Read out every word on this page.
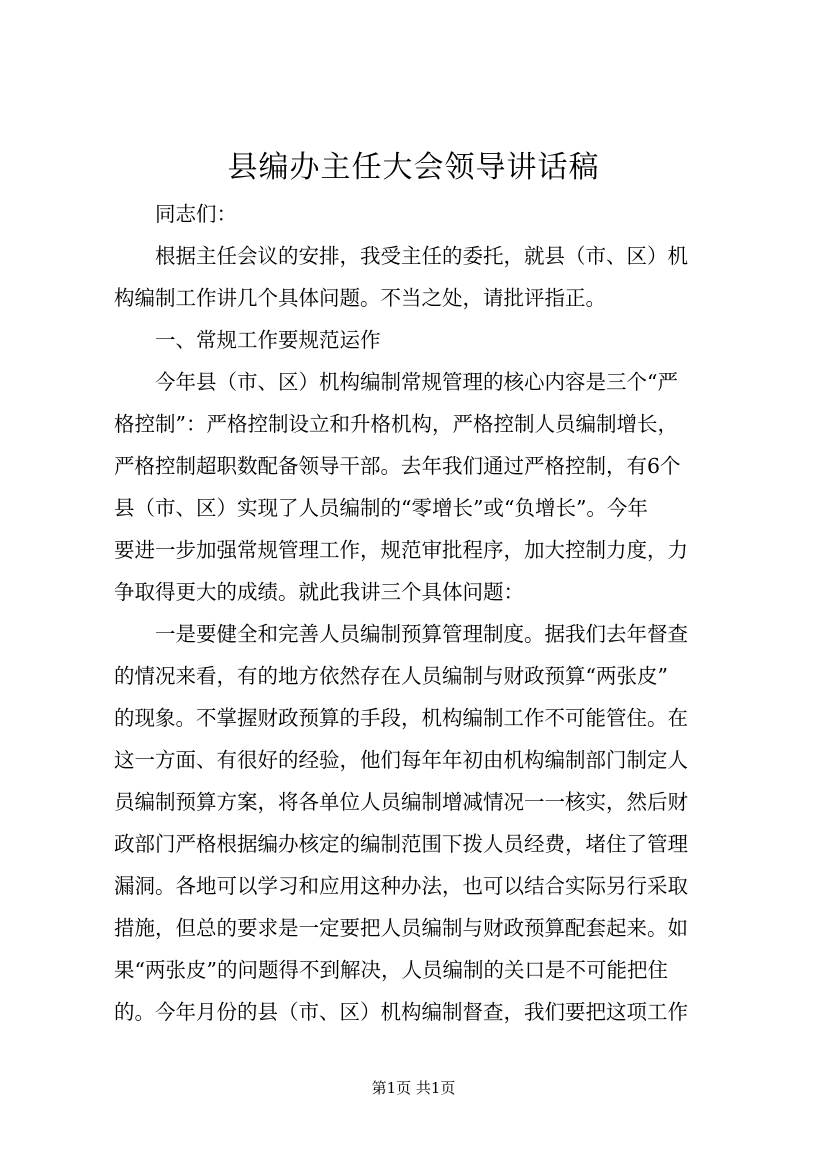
县编办主任大会领导讲话稿
同志们：
根据主任会议的安排，我受主任的委托，就县（市、区）机
构编制工作讲几个具体问题。不当之处，请批评指正。
一、常规工作要规范运作
今年县（市、区）机构编制常规管理的核心内容是三个“严
格控制”：严格控制设立和升格机构，严格控制人员编制增长，
严格控制超职数配备领导干部。去年我们通过严格控制，有6个
县（市、区）实现了人员编制的“零增长”或“负增长”。今年
要进一步加强常规管理工作，规范审批程序，加大控制力度，力
争取得更大的成绩。就此我讲三个具体问题：
一是要健全和完善人员编制预算管理制度。据我们去年督查
的情况来看，有的地方依然存在人员编制与财政预算“两张皮”
的现象。不掌握财政预算的手段，机构编制工作不可能管住。在
这一方面、有很好的经验，他们每年年初由机构编制部门制定人
员编制预算方案，将各单位人员编制增减情况一一核实，然后财
政部门严格根据编办核定的编制范围下拨人员经费，堵住了管理
漏洞。各地可以学习和应用这种办法，也可以结合实际另行采取
措施，但总的要求是一定要把人员编制与财政预算配套起来。如
果“两张皮”的问题得不到解决，人员编制的关口是不可能把住
的。今年月份的县（市、区）机构编制督查，我们要把这项工作
第1页 共1页
